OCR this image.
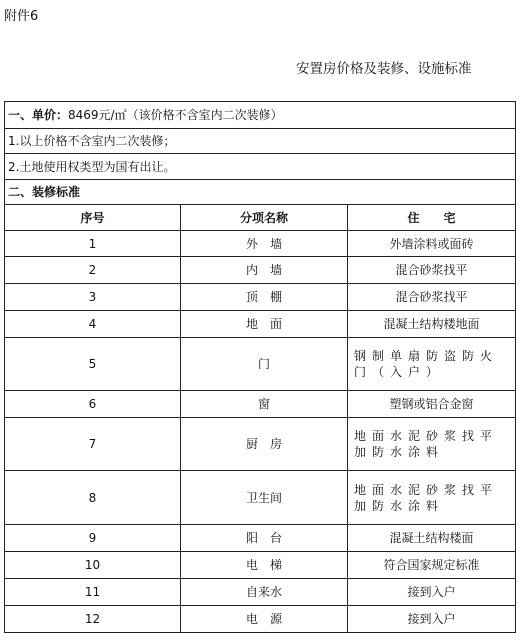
附件6
安置房价格及装修、设施标准
一、单价：8469元/㎡（该价格不含室内二次装修）		
1.以上价格不含室内二次装修；		
2.土地使用权类型为国有出让。		
二、装修标准		
序号	分项名称	住　　宅
1	外　墙	外墙涂料或面砖
2	内　墙	混合砂浆找平
3	顶　棚	混合砂浆找平
4	地　面	混凝土结构楼地面
5	门	钢制单扇防盗防火门（入户）
6	窗	塑钢或铝合金窗
7	厨　房	地面水泥砂浆找平加防水涂料
8	卫生间	地面水泥砂浆找平加防水涂料
9	阳　台	混凝土结构楼面
10	电　梯	符合国家规定标准
11	自来水	接到入户
12	电　源	接到入户
